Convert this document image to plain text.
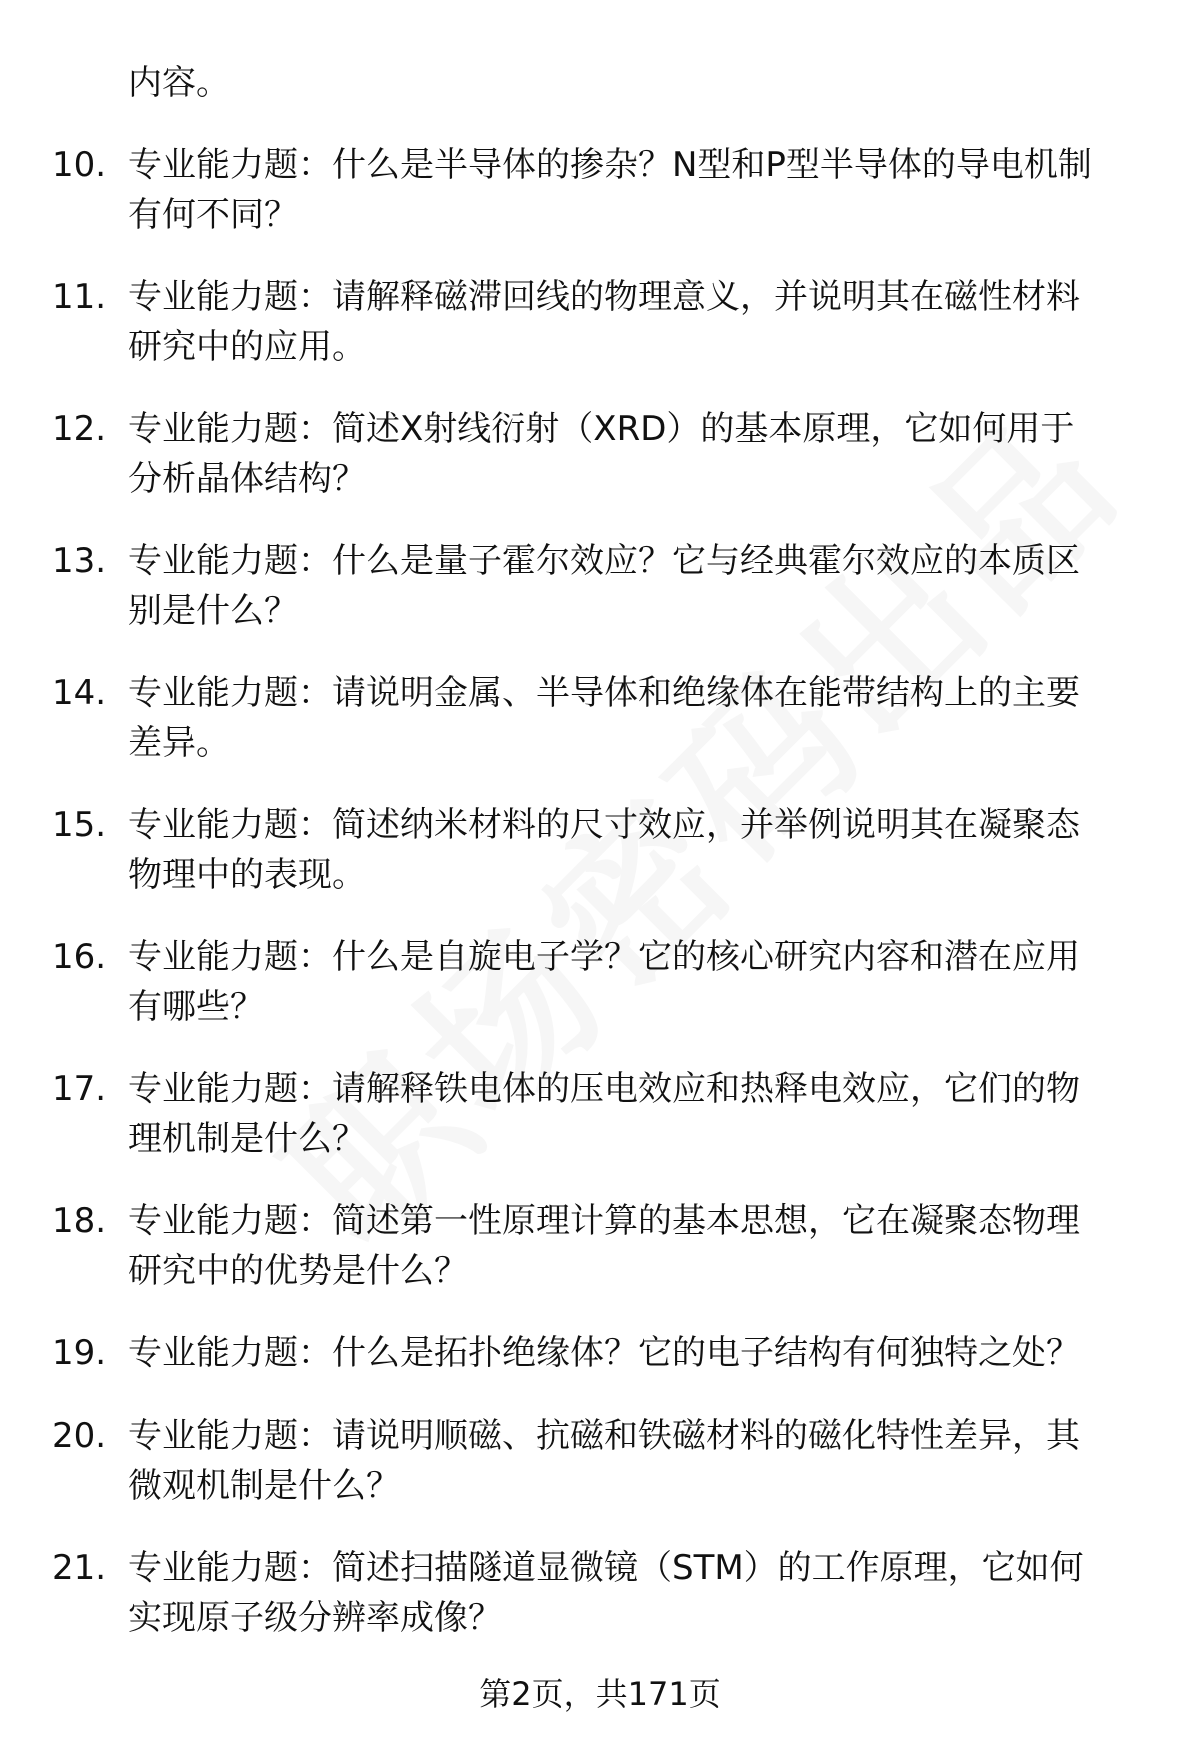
内容。
10. 专业能力题：什么是半导体的掺杂？N型和P型半导体的导电机制
有何不同？
11. 专业能力题：请解释磁滞回线的物理意义，并说明其在磁性材料
研究中的应用。
12. 专业能力题：简述X射线衍射（XRD）的基本原理，它如何用于
分析晶体结构？
13. 专业能力题：什么是量子霍尔效应？它与经典霍尔效应的本质区
别是什么？
14. 专业能力题：请说明金属、半导体和绝缘体在能带结构上的主要
差异。
15. 专业能力题：简述纳米材料的尺寸效应，并举例说明其在凝聚态
物理中的表现。
16. 专业能力题：什么是自旋电子学？它的核心研究内容和潜在应用
有哪些？
17. 专业能力题：请解释铁电体的压电效应和热释电效应，它们的物
理机制是什么？
18. 专业能力题：简述第一性原理计算的基本思想，它在凝聚态物理
研究中的优势是什么？
19. 专业能力题：什么是拓扑绝缘体？它的电子结构有何独特之处？
20. 专业能力题：请说明顺磁、抗磁和铁磁材料的磁化特性差异，其
微观机制是什么？
21. 专业能力题：简述扫描隧道显微镜（STM）的工作原理，它如何
实现原子级分辨率成像？
第2页，共171页
